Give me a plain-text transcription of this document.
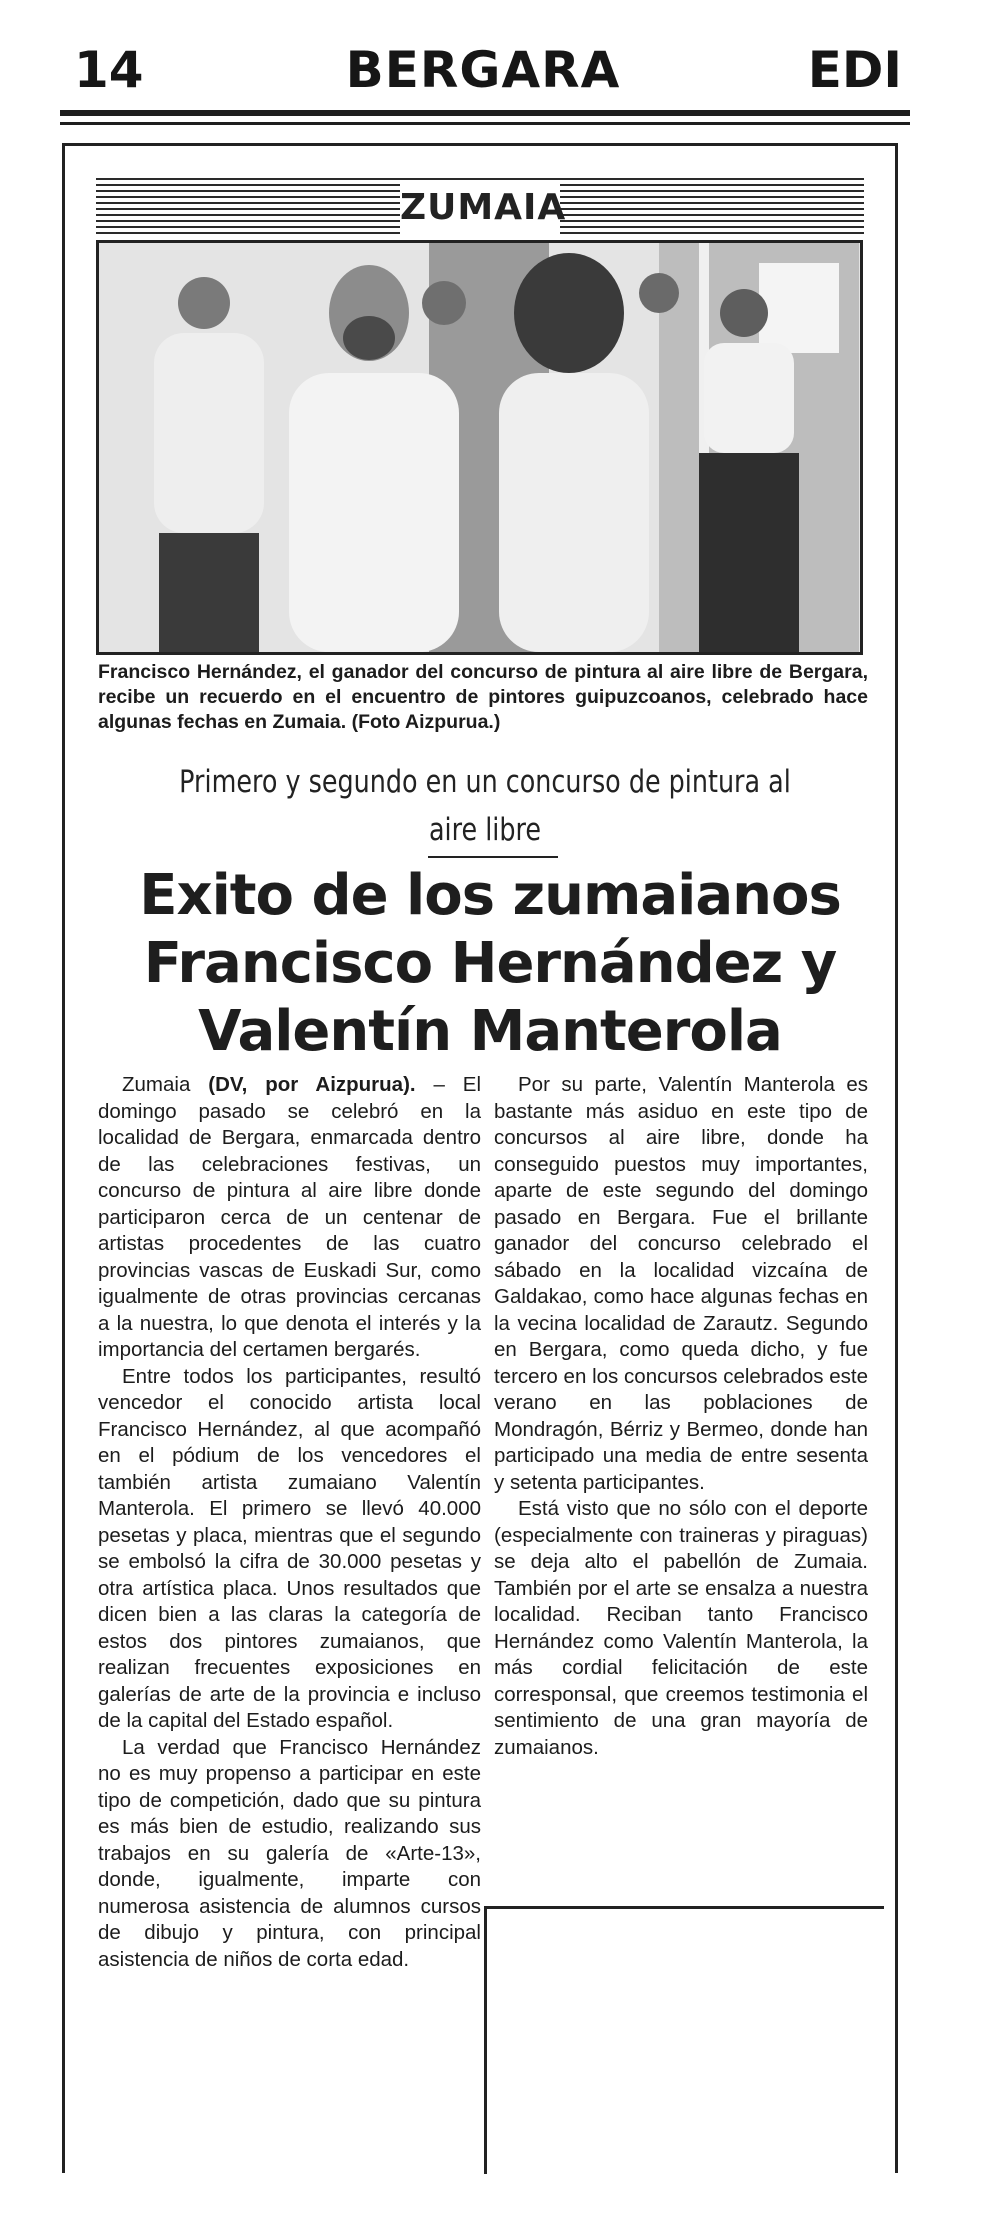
14	BERGARA	EDI
ZUMAIA

Francisco Hernández, el ganador del concurso de pintura al aire libre de Bergara, recibe un recuerdo en el encuentro de pintores guipuzcoanos, celebrado hace algunas fechas en Zumaia. (Foto Aizpurua.)

Primero y segundo en un concurso de pintura al aire libre
Exito de los zumaianos Francisco Hernández y Valentín Manterola

Zumaia (DV, por Aizpurua). – El domingo pasado se celebró en la localidad de Bergara, enmarcada dentro de las celebraciones festivas, un concurso de pintura al aire libre donde participaron cerca de un centenar de artistas procedentes de las cuatro provincias vascas de Euskadi Sur, como igualmente de otras provincias cercanas a la nuestra, lo que denota el interés y la importancia del certamen bergarés.

Entre todos los participantes, resultó vencedor el conocido artista local Francisco Hernández, al que acompañó en el pódium de los vencedores el también artista zumaiano Valentín Manterola. El primero se llevó 40.000 pesetas y placa, mientras que el segundo se embolsó la cifra de 30.000 pesetas y otra artística placa. Unos resultados que dicen bien a las claras la categoría de estos dos pintores zumaianos, que realizan frecuentes exposiciones en galerías de arte de la provincia e incluso de la capital del Estado español.

La verdad que Francisco Hernández no es muy propenso a participar en este tipo de competición, dado que su pintura es más bien de estudio, realizando sus trabajos en su galería de «Arte-13», donde, igualmente, imparte con numerosa asistencia de alumnos cursos de dibujo y pintura, con principal asistencia de niños de corta edad.

Por su parte, Valentín Manterola es bastante más asiduo en este tipo de concursos al aire libre, donde ha conseguido puestos muy importantes, aparte de este segundo del domingo pasado en Bergara. Fue el brillante ganador del concurso celebrado el sábado en la localidad vizcaína de Galdakao, como hace algunas fechas en la vecina localidad de Zarautz. Segundo en Bergara, como queda dicho, y fue tercero en los concursos celebrados este verano en las poblaciones de Mondragón, Bérriz y Bermeo, donde han participado una media de entre sesenta y setenta participantes.

Está visto que no sólo con el deporte (especialmente con traineras y piraguas) se deja alto el pabellón de Zumaia. También por el arte se ensalza a nuestra localidad. Reciban tanto Francisco Hernández como Valentín Manterola, la más cordial felicitación de este corresponsal, que creemos testimonia el sentimiento de una gran mayoría de zumaianos.
